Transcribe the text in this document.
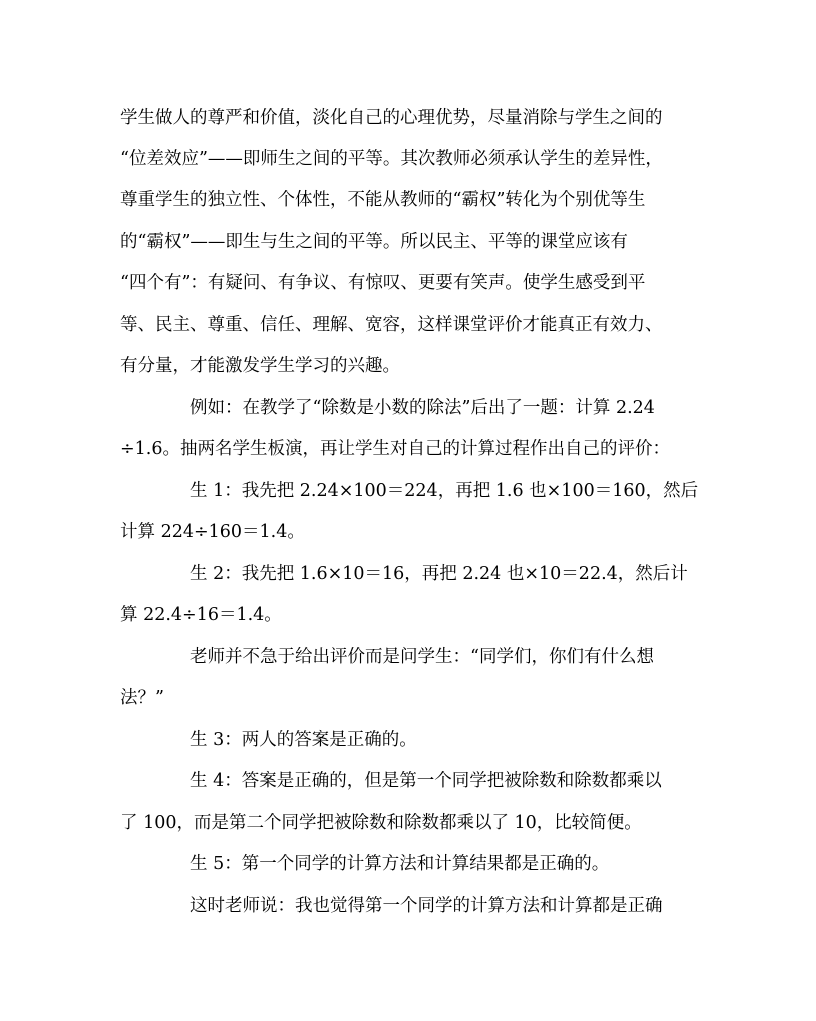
学生做人的尊严和价值，淡化自己的心理优势，尽量消除与学生之间的
“位差效应”——即师生之间的平等。其次教师必须承认学生的差异性，
尊重学生的独立性、个体性，不能从教师的“霸权”转化为个别优等生
的“霸权”——即生与生之间的平等。所以民主、平等的课堂应该有
“四个有”：有疑问、有争议、有惊叹、更要有笑声。使学生感受到平
等、民主、尊重、信任、理解、宽容，这样课堂评价才能真正有效力、
有分量，才能激发学生学习的兴趣。
例如：在教学了“除数是小数的除法”后出了一题：计算 2.24
÷1.6。抽两名学生板演，再让学生对自己的计算过程作出自己的评价：
生 1：我先把 2.24×100＝224，再把 1.6 也×100＝160，然后
计算 224÷160＝1.4。
生 2：我先把 1.6×10＝16，再把 2.24 也×10＝22.4，然后计
算 22.4÷16＝1.4。
老师并不急于给出评价而是问学生：“同学们，你们有什么想
法？”
生 3：两人的答案是正确的。
生 4：答案是正确的，但是第一个同学把被除数和除数都乘以
了 100，而是第二个同学把被除数和除数都乘以了 10，比较简便。
生 5：第一个同学的计算方法和计算结果都是正确的。
这时老师说：我也觉得第一个同学的计算方法和计算都是正确
